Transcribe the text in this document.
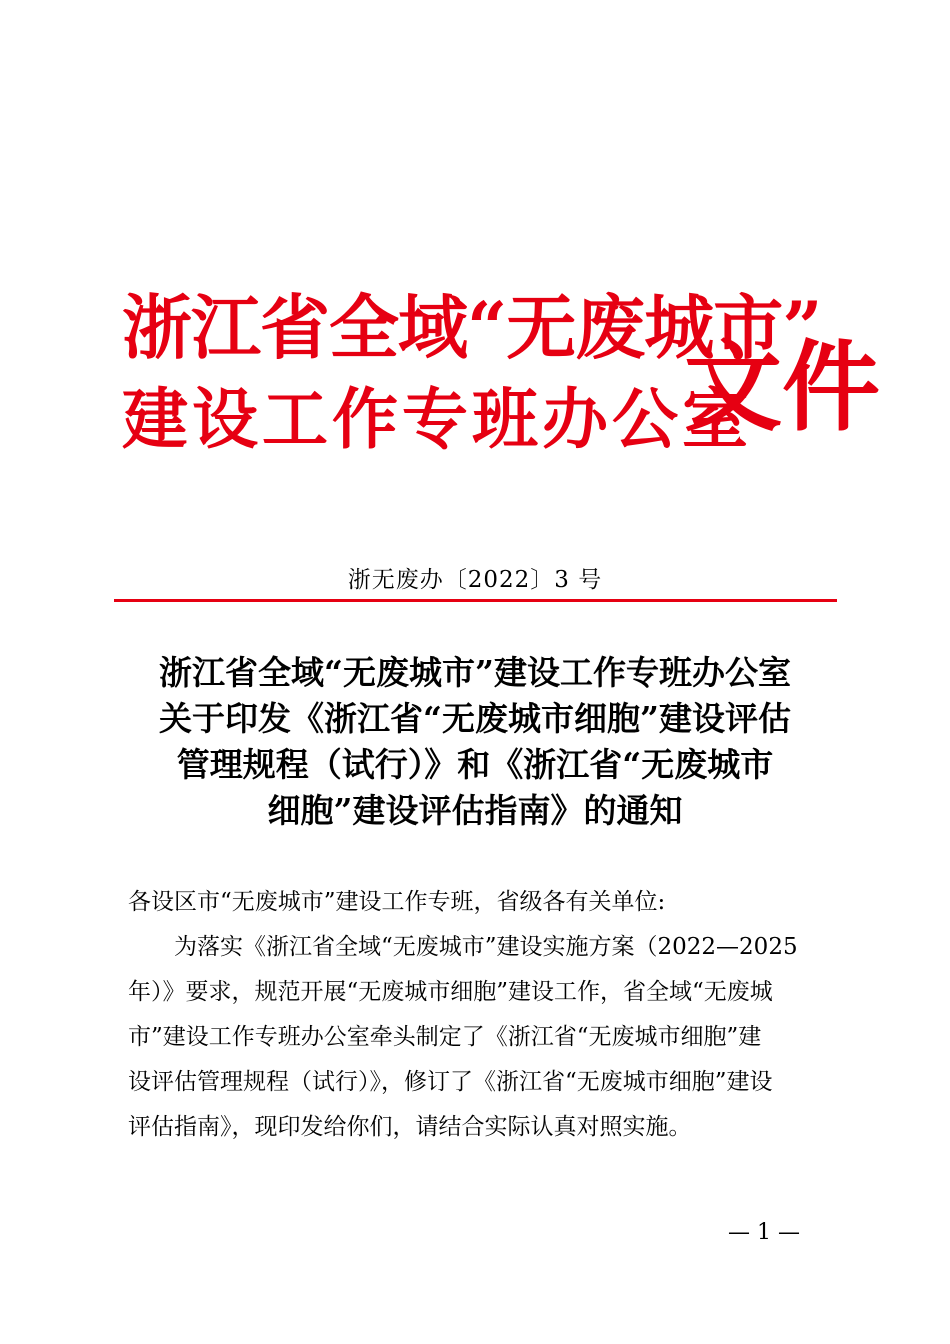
浙江省全域“无废城市”
建设工作专班办公室
文件
浙无废办〔2022〕3 号
浙江省全域“无废城市”建设工作专班办公室
关于印发《浙江省“无废城市细胞”建设评估
管理规程（试行）》和《浙江省“无废城市
细胞”建设评估指南》的通知
各设区市“无废城市”建设工作专班，省级各有关单位:
为落实《浙江省全域“无废城市”建设实施方案（2022—2025
年）》要求，规范开展“无废城市细胞”建设工作，省全域“无废城
市”建设工作专班办公室牵头制定了《浙江省“无废城市细胞”建
设评估管理规程（试行）》，修订了《浙江省“无废城市细胞”建设
评估指南》，现印发给你们，请结合实际认真对照实施。
— 1 —
